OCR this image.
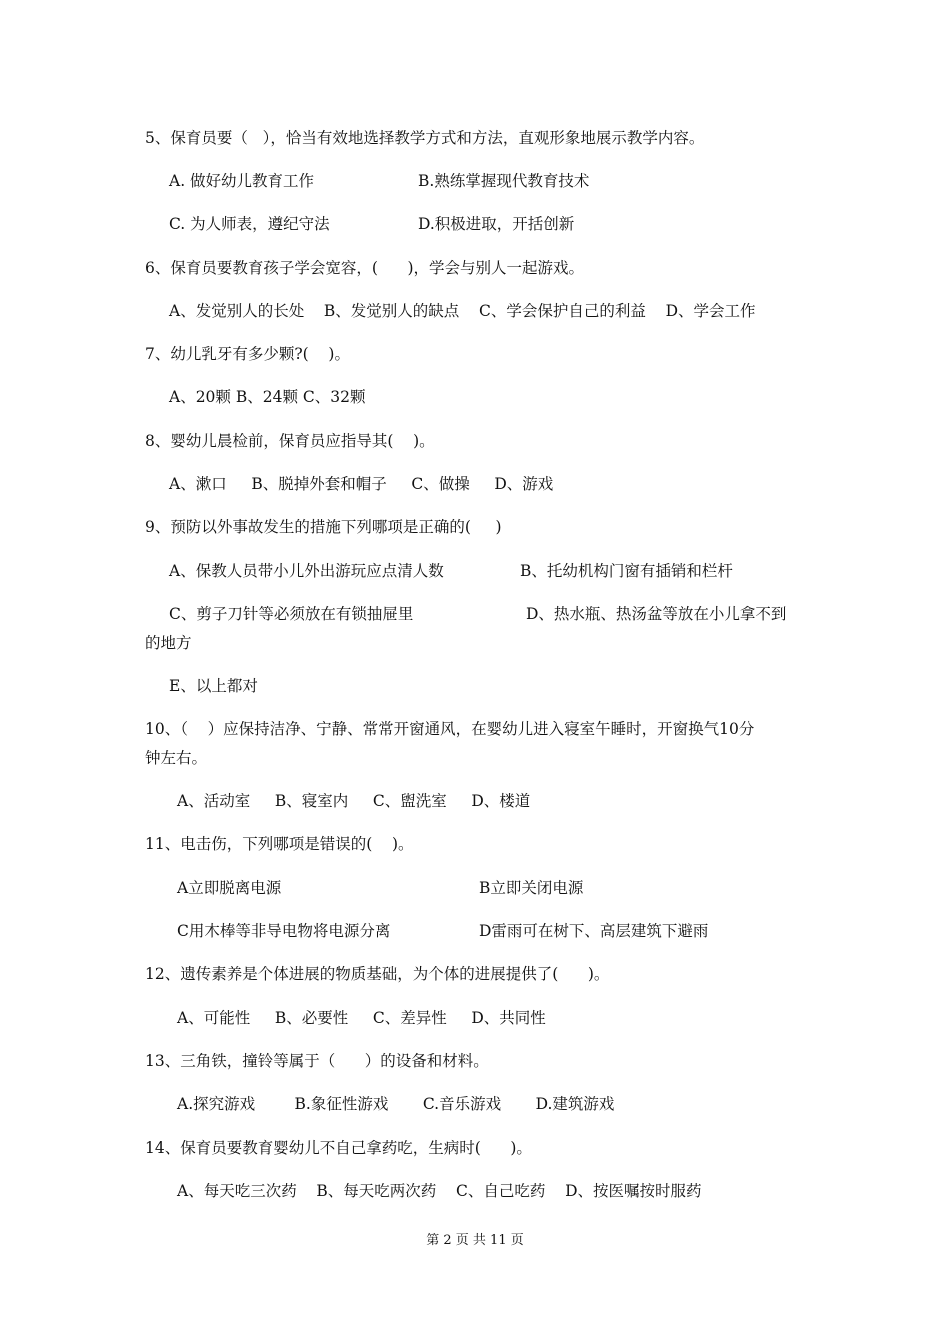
5、保育员要（   ），恰当有效地选择教学方式和方法，直观形象地展示教学内容。
A. 做好幼儿教育工作	B.熟练掌握现代教育技术
C. 为人师表，遵纪守法	D.积极进取，开括创新
6、保育员要教育孩子学会宽容，(      )，学会与别人一起游戏。
A、发觉别人的长处    B、发觉别人的缺点    C、学会保护自己的利益    D、学会工作
7、幼儿乳牙有多少颗?(    )。
A、20颗 B、24颗 C、32颗
8、婴幼儿晨检前，保育员应指导其(    )。
A、漱口     B、脱掉外套和帽子     C、做操     D、游戏
9、预防以外事故发生的措施下列哪项是正确的(     )
A、保教人员带小儿外出游玩应点清人数	B、托幼机构门窗有插销和栏杆
C、剪子刀针等必须放在有锁抽屉里	D、热水瓶、热汤盆等放在小儿拿不到
的地方
E、以上都对
10、（    ）应保持洁净、宁静、常常开窗通风，在婴幼儿进入寝室午睡时，开窗换气10分
钟左右。
A、活动室     B、寝室内     C、盥洗室     D、楼道
11、电击伤，下列哪项是错误的(    )。
A立即脱离电源	B立即关闭电源
C用木棒等非导电物将电源分离	D雷雨可在树下、高层建筑下避雨
12、遗传素养是个体进展的物质基础，为个体的进展提供了(      )。
A、可能性     B、必要性     C、差异性     D、共同性
13、三角铁，撞铃等属于（      ）的设备和材料。
A.探究游戏        B.象征性游戏       C.音乐游戏       D.建筑游戏
14、保育员要教育婴幼儿不自己拿药吃，生病时(      )。
A、每天吃三次药    B、每天吃两次药    C、自己吃药    D、按医嘱按时服药
第 2 页 共 11 页
